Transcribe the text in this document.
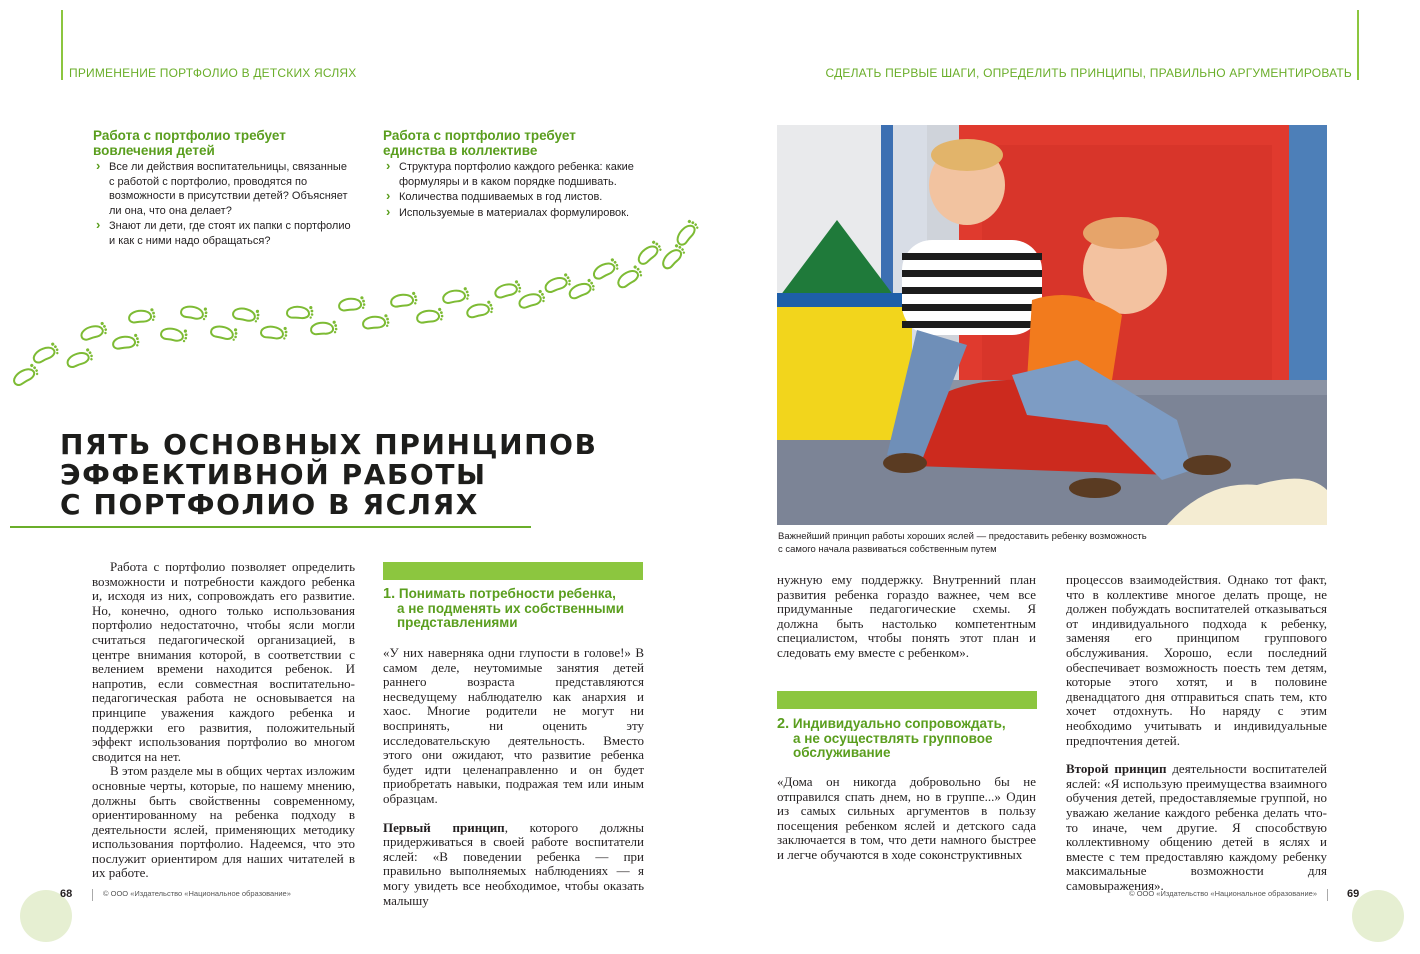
ПРИМЕНЕНИЕ ПОРТФОЛИО В ДЕТСКИХ ЯСЛЯХ	СДЕЛАТЬ ПЕРВЫЕ ШАГИ, ОПРЕДЕЛИТЬ ПРИНЦИПЫ, ПРАВИЛЬНО АРГУМЕНТИРОВАТЬ
Работа с портфолио требует
вовлечения детей
› Все ли действия воспитательницы, связанные с работой с портфолио, проводятся по возможности в присутствии детей? Объясняет ли она, что она делает?
› Знают ли дети, где стоят их папки с портфолио и как с ними надо обращаться?
Работа с портфолио требует
единства в коллективе
› Структура портфолио каждого ребенка: какие формуляры и в каком порядке подшивать.
› Количества подшиваемых в год листов.
› Используемые в материалах формулировок.
ПЯТЬ ОСНОВНЫХ ПРИНЦИПОВ
ЭФФЕКТИВНОЙ РАБОТЫ
С ПОРТФОЛИО В ЯСЛЯХ

Работа с портфолио позволяет определить возможности и потребности каждого ребенка и, исходя из них, сопровождать его развитие. Но, конечно, одного только использования портфолио недостаточно, чтобы ясли могли считаться педагогической организацией, в центре внимания которой, в соответствии с велением времени находится ребенок. И напротив, если совместная воспитательно-педагогическая работа не основывается на принципе уважения каждого ребенка и поддержки его развития, положительный эффект использования портфолио во многом сводится на нет.

В этом разделе мы в общих чертах изложим основные черты, которые, по нашему мнению, должны быть свойственны современному, ориентированному на ребенка подходу в деятельности яслей, применяющих методику использования портфолио. Надеемся, что это послужит ориентиром для наших читателей в их работе.

1. Понимать потребности ребенка,
а не подменять их собственными
представлениями

«У них наверняка одни глупости в голове!» В самом деле, неутомимые занятия детей раннего возраста представляются несведущему наблюдателю как анархия и хаос. Многие родители не могут ни воспринять, ни оценить эту исследовательскую деятельность. Вместо этого они ожидают, что развитие ребенка будет идти целенаправленно и он будет приобретать навыки, подражая тем или иным образцам.

Первый принцип, которого должны придерживаться в своей работе воспитатели яслей: «В поведении ребенка — при правильно выполняемых наблюдениях — я могу увидеть все необходимое, чтобы оказать малышу

Важнейший принцип работы хороших яслей — предоставить ребенку возможность
с самого начала развиваться собственным путем

нужную ему поддержку. Внутренний план развития ребенка гораздо важнее, чем все придуманные педагогические схемы. Я должна быть настолько компетентным специалистом, чтобы понять этот план и следовать ему вместе с ребенком».

2. Индивидуально сопровождать,
а не осуществлять групповое
обслуживание

«Дома он никогда добровольно бы не отправился спать днем, но в группе...» Один из самых сильных аргументов в пользу посещения ребенком яслей и детского сада заключается в том, что дети намного быстрее и легче обучаются в ходе соконструктивных

процессов взаимодействия. Однако тот факт, что в коллективе многое делать проще, не должен побуждать воспитателей отказываться от индивидуального подхода к ребенку, заменяя его принципом группового обслуживания. Хорошо, если последний обеспечивает возможность поесть тем детям, которые этого хотят, и в половине двенадцатого дня отправиться спать тем, кто хочет отдохнуть. Но наряду с этим необходимо учитывать и индивидуальные предпочтения детей.

Второй принцип деятельности воспитателей яслей: «Я использую преимущества взаимного обучения детей, предоставляемые группой, но уважаю желание каждого ребенка делать что-то иначе, чем другие. Я способствую коллективному общению детей в яслях и вместе с тем предоставляю каждому ребенку максимальные возможности для самовыражения».

68	© ООО «Издательство «Национальное образование»	© ООО «Издательство «Национальное образование»	69
